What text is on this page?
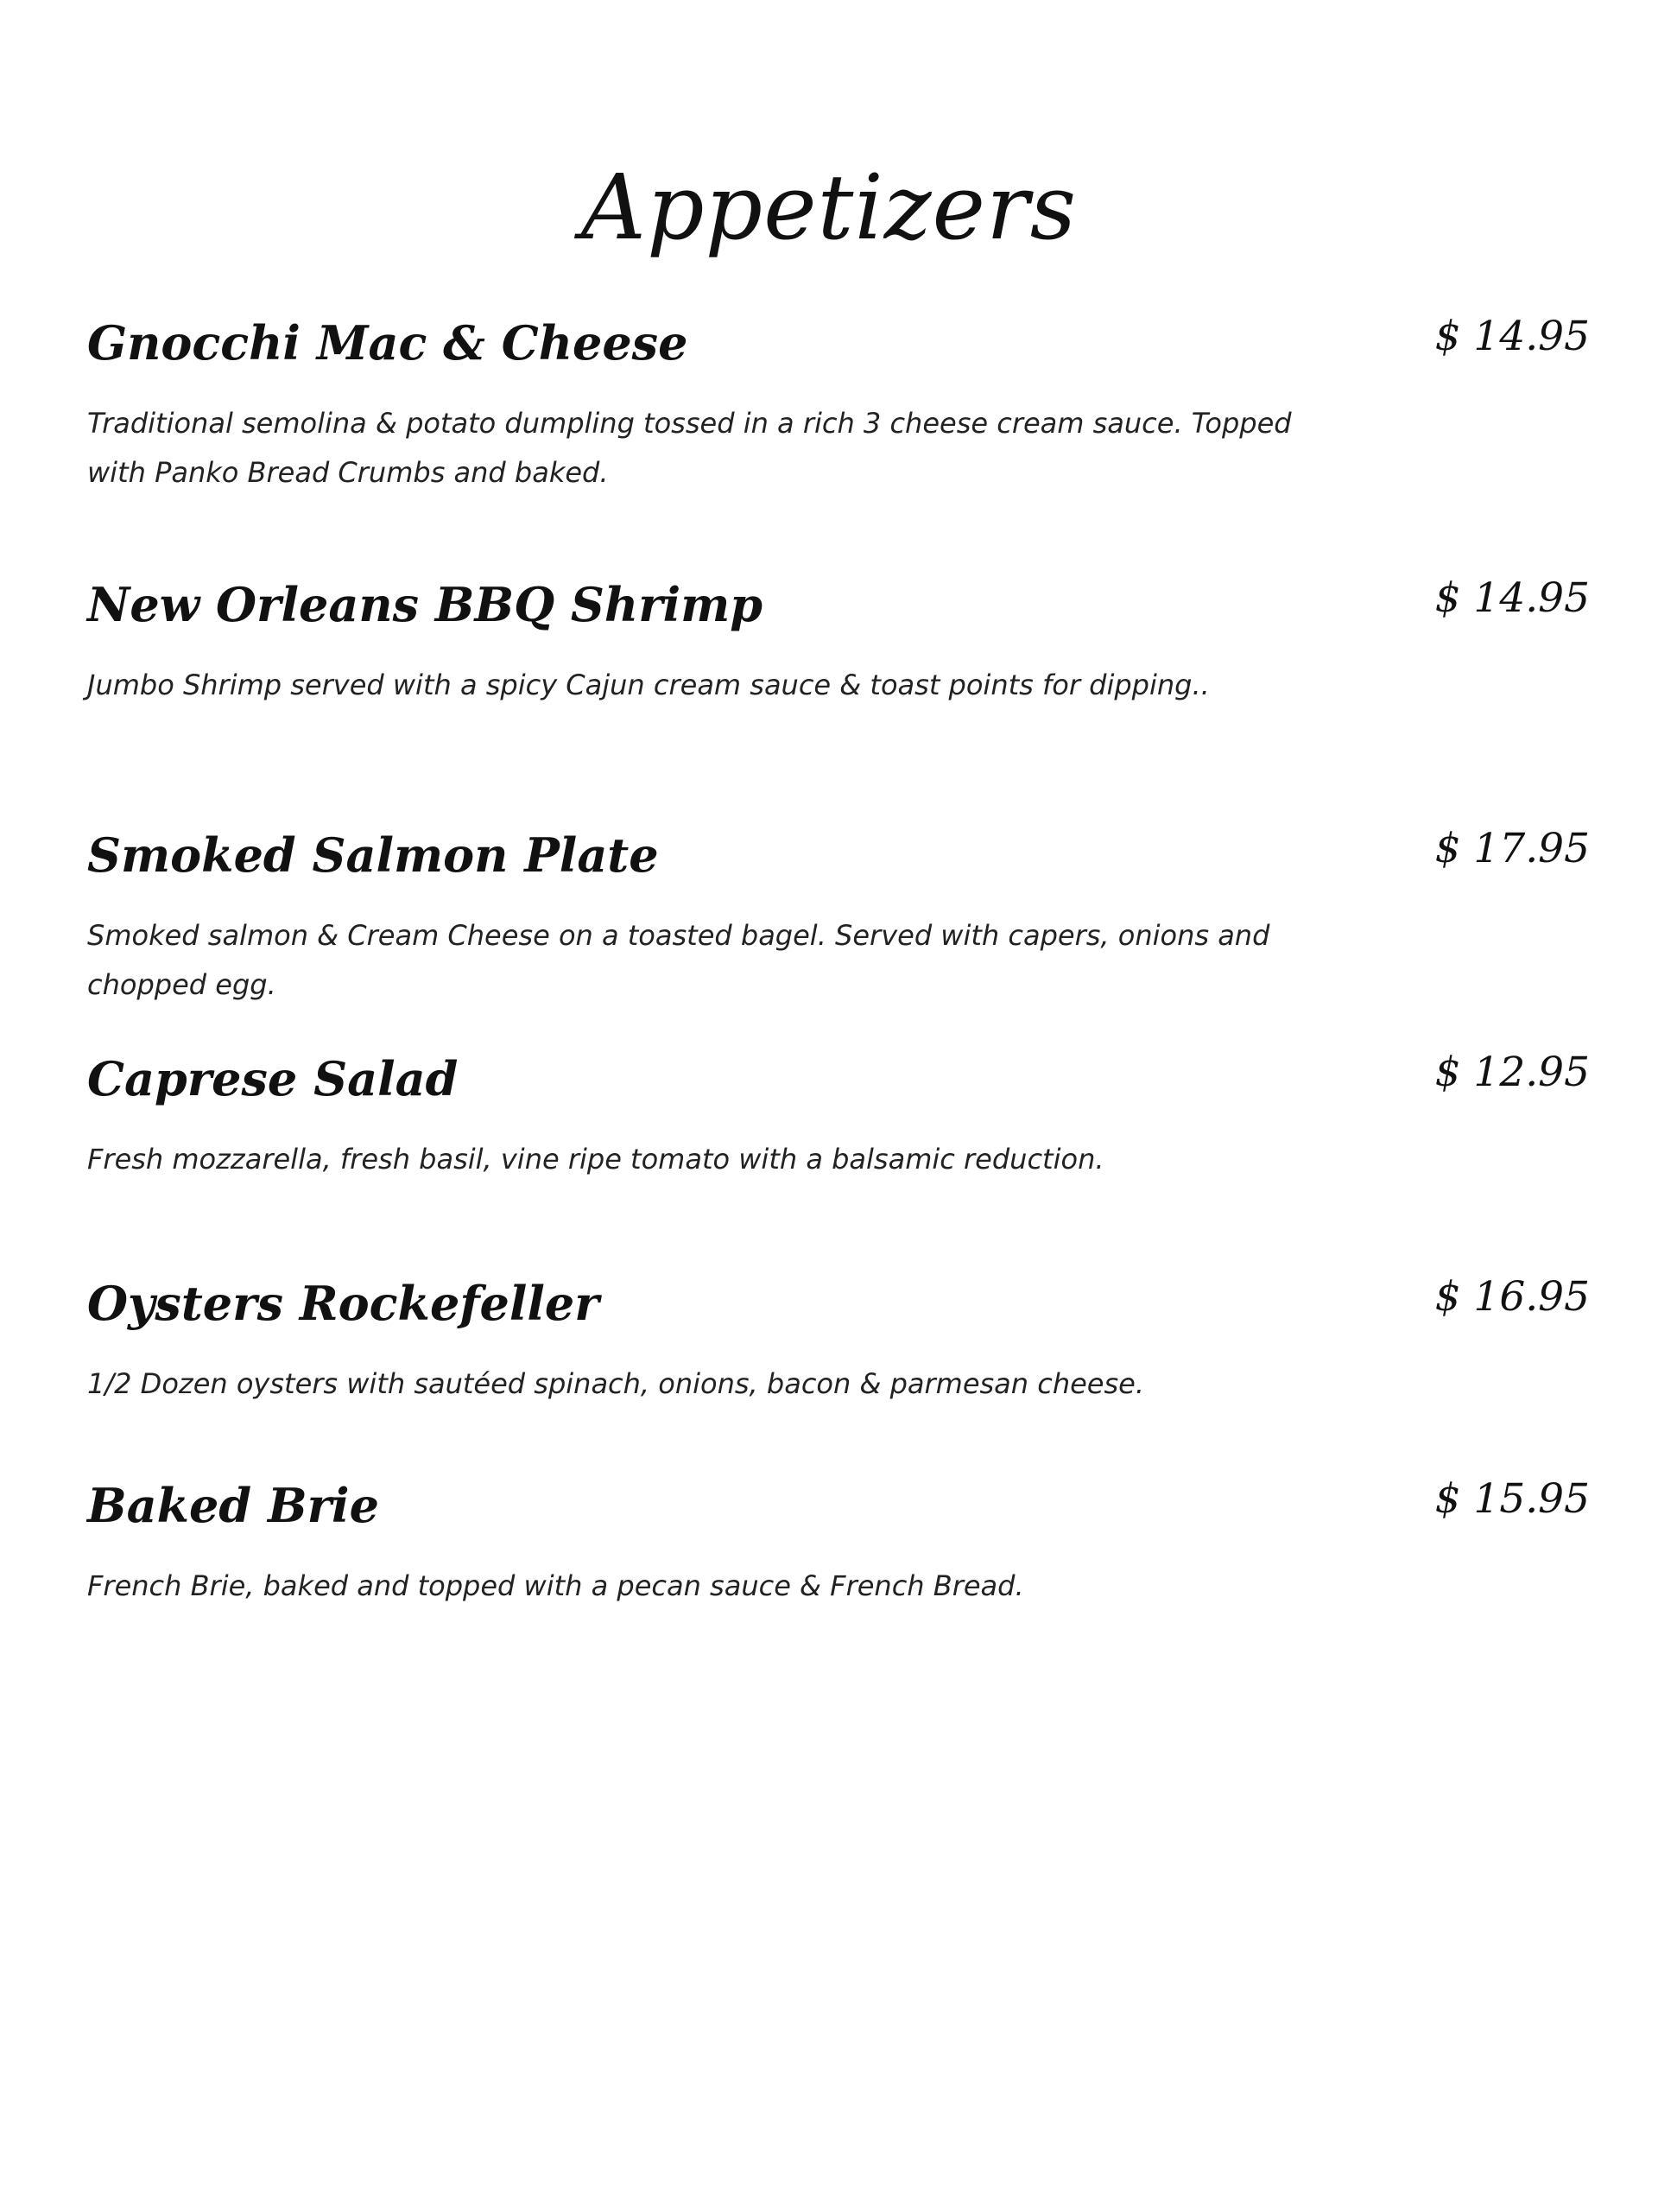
Appetizers
Gnocchi Mac & Cheese	$ 14.95
Traditional semolina & potato dumpling tossed in a rich 3 cheese cream sauce. Topped with Panko Bread Crumbs and baked.
New Orleans BBQ Shrimp	$ 14.95
Jumbo Shrimp served with a spicy Cajun cream sauce & toast points for dipping..
Smoked Salmon Plate	$ 17.95
Smoked salmon & Cream Cheese on a toasted bagel. Served with capers, onions and chopped egg.
Caprese Salad	$ 12.95
Fresh mozzarella, fresh basil, vine ripe tomato with a balsamic reduction.
Oysters Rockefeller	$ 16.95
1/2 Dozen oysters with sautéed spinach, onions, bacon & parmesan cheese.
Baked Brie	$ 15.95
French Brie, baked and topped with a pecan sauce & French Bread.
